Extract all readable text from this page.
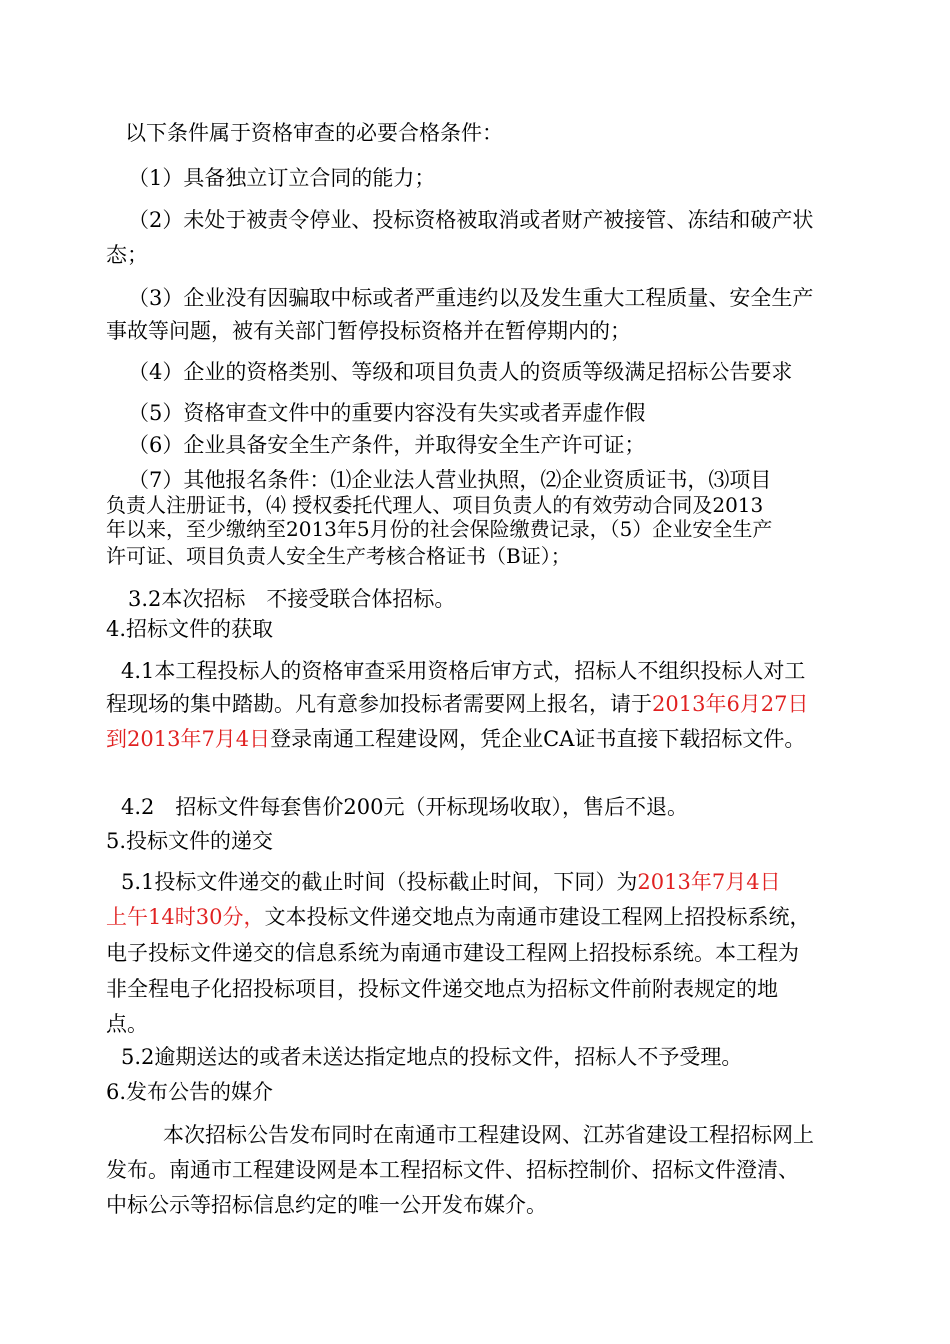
以下条件属于资格审查的必要合格条件：
（1）具备独立订立合同的能力；
（2）未处于被责令停业、投标资格被取消或者财产被接管、冻结和破产状
态；
（3）企业没有因骗取中标或者严重违约以及发生重大工程质量、安全生产
事故等问题，被有关部门暂停投标资格并在暂停期内的；
（4）企业的资格类别、等级和项目负责人的资质等级满足招标公告要求
（5）资格审查文件中的重要内容没有失实或者弄虚作假
（6）企业具备安全生产条件，并取得安全生产许可证；
（7）其他报名条件：⑴企业法人营业执照，⑵企业资质证书，⑶项目
负责人注册证书，⑷ 授权委托代理人、项目负责人的有效劳动合同及2013
年以来，至少缴纳至2013年5月份的社会保险缴费记录，（5）企业安全生产
许可证、项目负责人安全生产考核合格证书（B证）；
3.2本次招标　不接受联合体招标。
4.招标文件的获取
4.1本工程投标人的资格审查采用资格后审方式，招标人不组织投标人对工
程现场的集中踏勘。凡有意参加投标者需要网上报名，请于2013年6月27日
到2013年7月4日登录南通工程建设网，凭企业CA证书直接下载招标文件。
4.2　招标文件每套售价200元（开标现场收取），售后不退。
5.投标文件的递交
5.1投标文件递交的截止时间（投标截止时间，下同）为2013年7月4日
上午14时30分，文本投标文件递交地点为南通市建设工程网上招投标系统，
电子投标文件递交的信息系统为南通市建设工程网上招投标系统。本工程为
非全程电子化招投标项目，投标文件递交地点为招标文件前附表规定的地
点。
5.2逾期送达的或者未送达指定地点的投标文件，招标人不予受理。
6.发布公告的媒介
本次招标公告发布同时在南通市工程建设网、江苏省建设工程招标网上
发布。南通市工程建设网是本工程招标文件、招标控制价、招标文件澄清、
中标公示等招标信息约定的唯一公开发布媒介。
